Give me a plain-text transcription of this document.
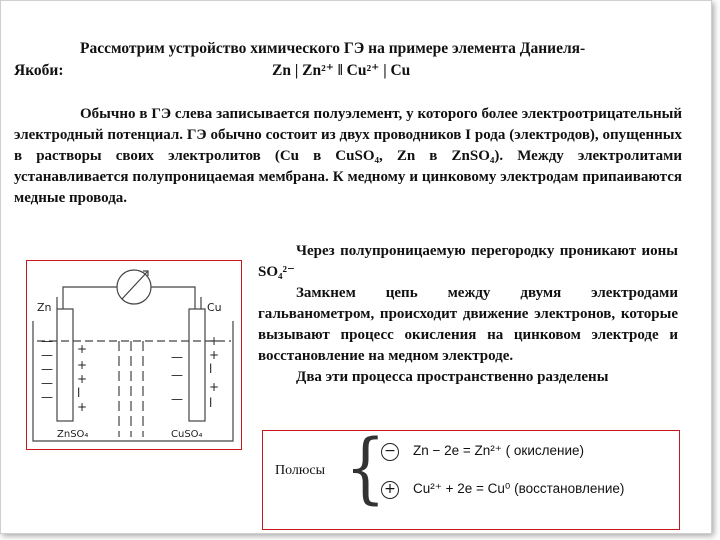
Рассмотрим устройство химического ГЭ на примере элемента Даниеля-
Якоби:	Zn | Zn²⁺ ‖ Cu²⁺ | Cu
Обычно в ГЭ слева записывается полуэлемент, у которого более электроотрицательный электродный потенциал. ГЭ обычно состоит из двух проводников I рода (электродов), опущенных в растворы своих электролитов (Cu в CuSO₄, Zn в ZnSO₄). Между электролитами устанавливается полупроницаемая мембрана. К медному и цинковому электродам припаиваются медные провода.

Через полупроницаемую перегородку проникают ионы SO₄²⁻

Замкнем цепь между двумя электродами гальванометром, происходит движение электронов, которые вызывают процесс окисления на цинковом электроде и восстановление на медном электроде.

Два эти процесса пространственно разделены

Zn	Cu
ZnSO₄	CuSO₄
—
—
—
—
—
+
+
+
l
+
—
—
—
+
+
l
+
l
Полюсы {
− Zn − 2e = Zn²⁺ ( окисление)
+ Cu²⁺ + 2e = Cu⁰ (восстановление)
